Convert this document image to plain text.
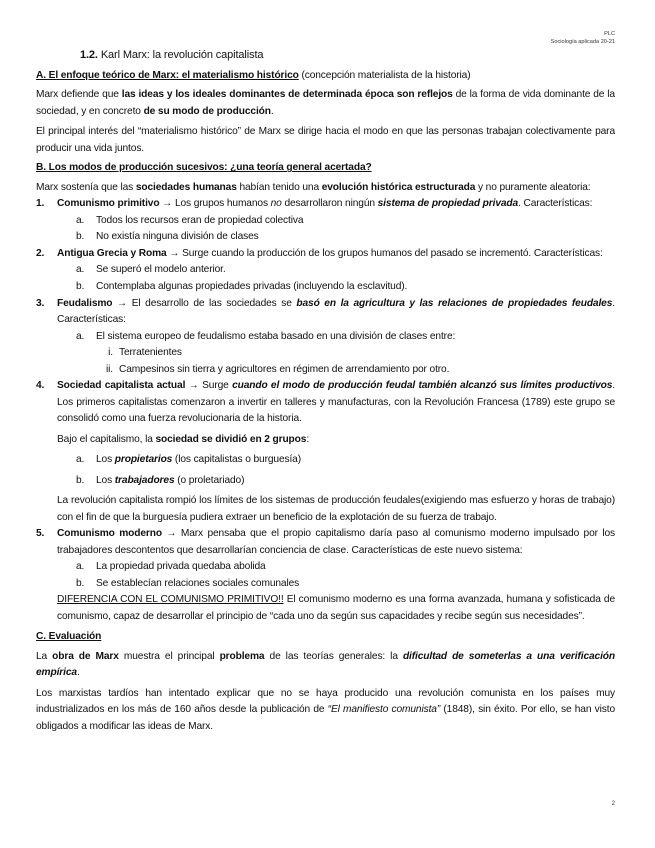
PLC
Sociología aplicada 20-21

1.2. Karl Marx: la revolución capitalista

A. El enfoque teórico de Marx: el materialismo histórico (concepción materialista de la historia)

Marx defiende que las ideas y los ideales dominantes de determinada época son reflejos de la forma de vida dominante de la sociedad, y en concreto de su modo de producción.

El principal interés del “materialismo histórico” de Marx se dirige hacia el modo en que las personas trabajan colectivamente para producir una vida juntos.

B. Los modos de producción sucesivos: ¿una teoría general acertada?

Marx sostenía que las sociedades humanas habían tenido una evolución histórica estructurada y no puramente aleatoria:

1. Comunismo primitivo → Los grupos humanos no desarrollaron ningún sistema de propiedad privada. Características:
a. Todos los recursos eran de propiedad colectiva
b. No existía ninguna división de clases
2. Antigua Grecia y Roma → Surge cuando la producción de los grupos humanos del pasado se incrementó. Características:
a. Se superó el modelo anterior.
b. Contemplaba algunas propiedades privadas (incluyendo la esclavitud).
3. Feudalismo → El desarrollo de las sociedades se basó en la agricultura y las relaciones de propiedades feudales. Características:
a. El sistema europeo de feudalismo estaba basado en una división de clases entre:
i. Terratenientes
ii. Campesinos sin tierra y agricultores en régimen de arrendamiento por otro.
4. Sociedad capitalista actual → Surge cuando el modo de producción feudal también alcanzó sus límites productivos. Los primeros capitalistas comenzaron a invertir en talleres y manufacturas, con la Revolución Francesa (1789) este grupo se consolidó como una fuerza revolucionaria de la historia.

Bajo el capitalismo, la sociedad se dividió en 2 grupos:

a. Los propietarios (los capitalistas o burguesía)
b. Los trabajadores (o proletariado)

La revolución capitalista rompió los límites de los sistemas de producción feudales(exigiendo mas esfuerzo y horas de trabajo) con el fin de que la burguesía pudiera extraer un beneficio de la explotación de su fuerza de trabajo.

5. Comunismo moderno → Marx pensaba que el propio capitalismo daría paso al comunismo moderno impulsado por los trabajadores descontentos que desarrollarían conciencia de clase. Características de este nuevo sistema:
a. La propiedad privada quedaba abolida
b. Se establecían relaciones sociales comunales

DIFERENCIA CON EL COMUNISMO PRIMITIVO!! El comunismo moderno es una forma avanzada, humana y sofisticada de comunismo, capaz de desarrollar el principio de “cada uno da según sus capacidades y recibe según sus necesidades”.

C. Evaluación

La obra de Marx muestra el principal problema de las teorías generales: la dificultad de someterlas a una verificación empírica.

Los marxistas tardíos han intentado explicar que no se haya producido una revolución comunista en los países muy industrializados en los más de 160 años desde la publicación de “El manifiesto comunista” (1848), sin éxito. Por ello, se han visto obligados a modificar las ideas de Marx.

2
